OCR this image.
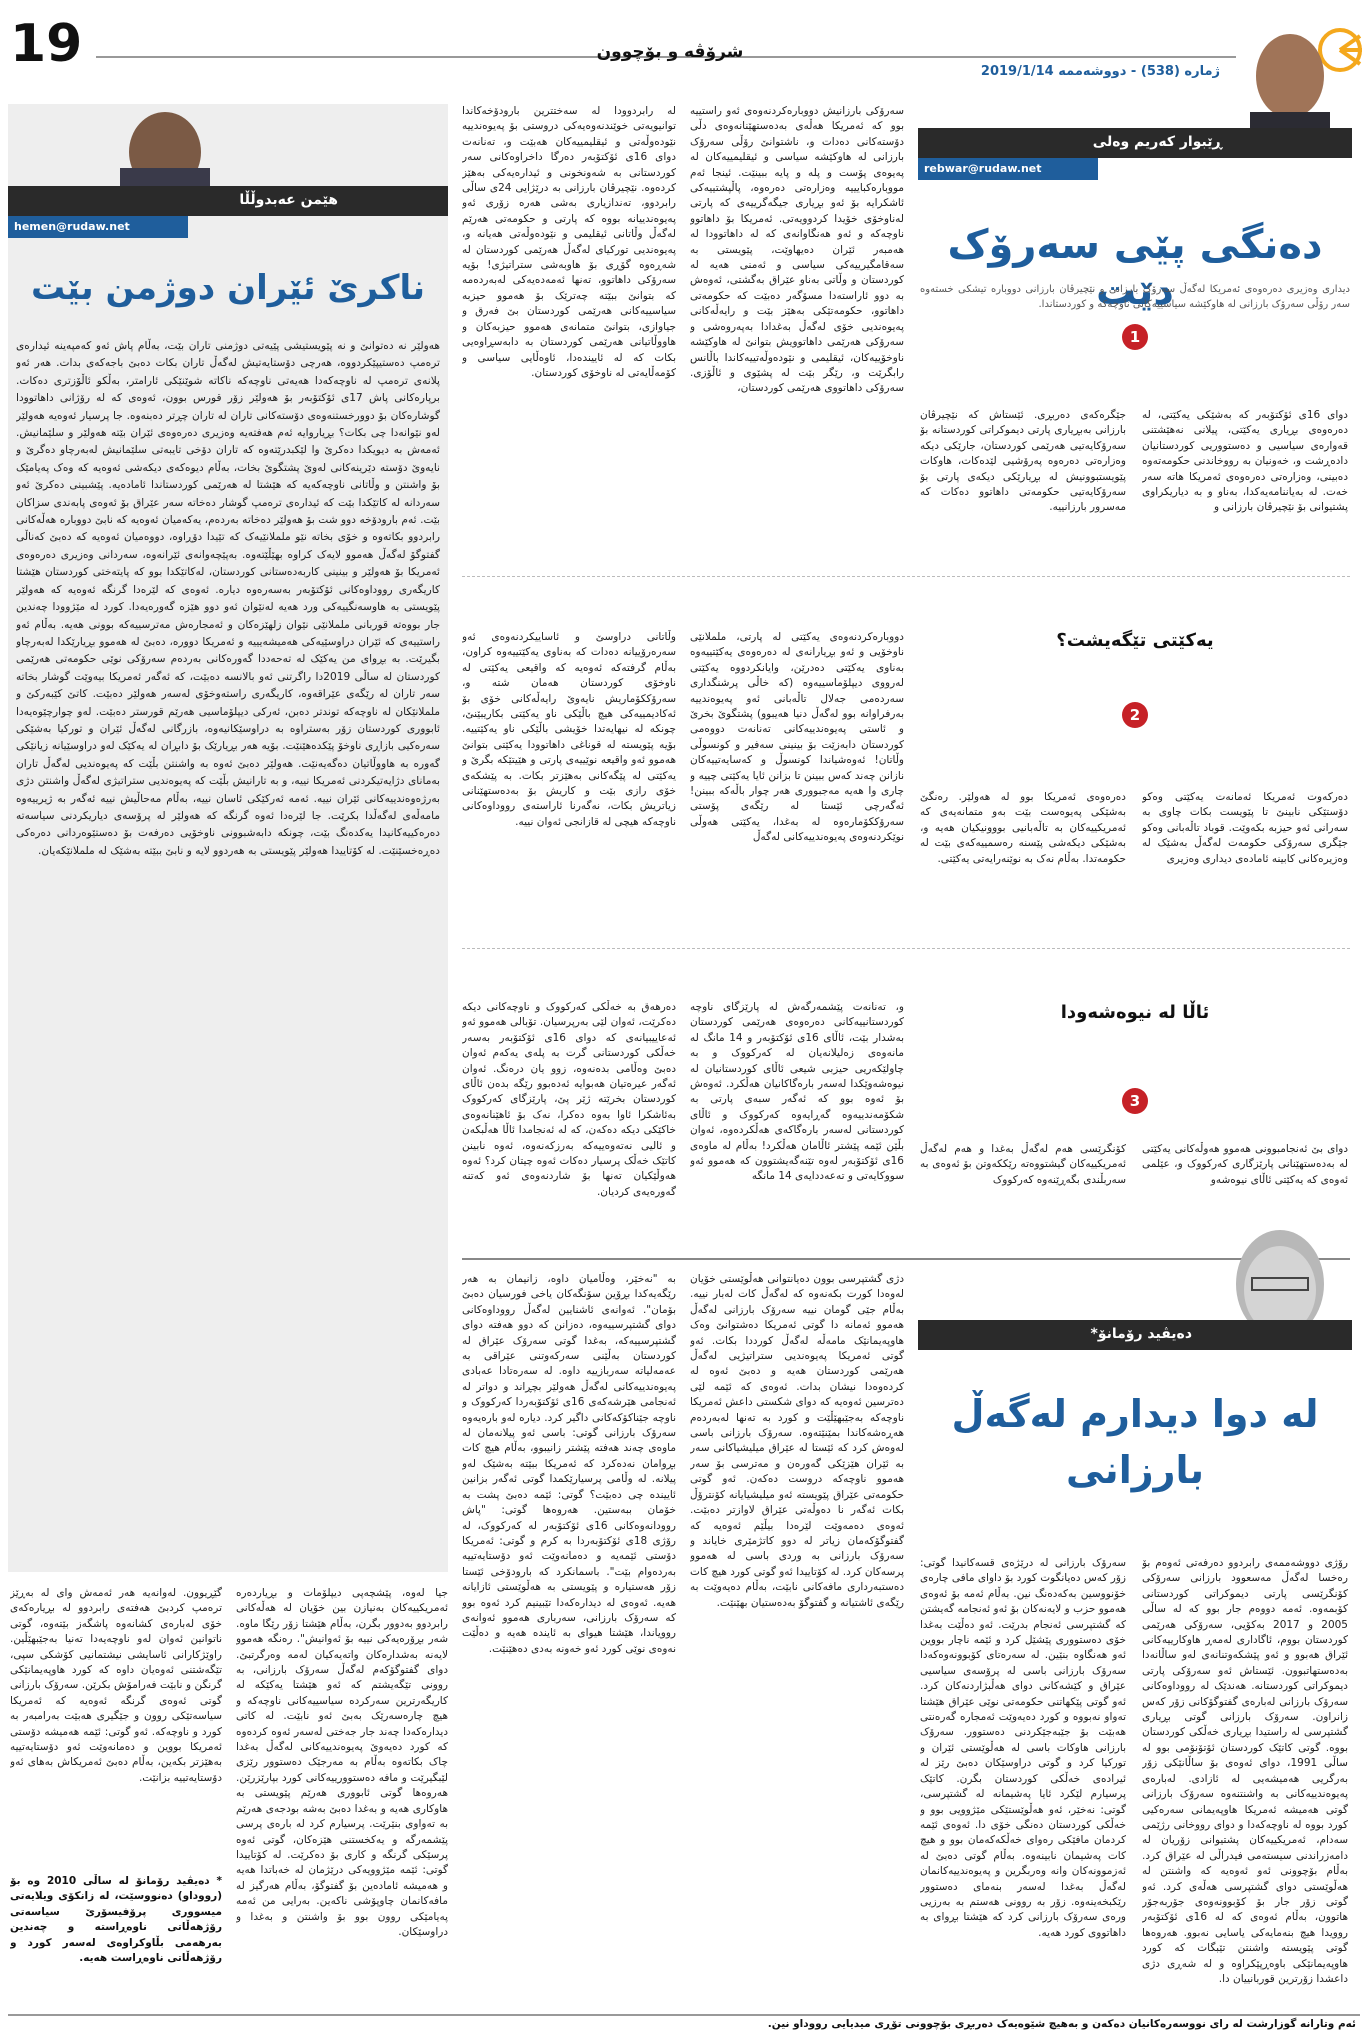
19	شرۆڤە و بۆچوون
ژمارە (538) - دووشەممە 2019/1/14
هێمن عەبدوڵڵا
hemen@rudaw.net
ناکرێ ئێران دوژمن بێت
هەولێر نە دەتوانێ و نە پێویستیشی پێیەتی دوژمنی تاران بێت، بەڵام پاش ئەو کەمپەینە ئیدارەی ترەمپ دەستیپێکردووە، هەرچی دۆستایەتیش لەگەڵ تاران بکات دەبێ باجەکەی بدات. هەر ئەو پلانەی ترەمپ لە ناوچەکەدا هەیەتی ناوچەکە ناکاتە شوێنێکی ئارامتر، بەڵکو ئاڵۆزتری دەکات. برپارەکانی پاش 17ی ئۆکتۆبەر بۆ هەولێر زۆر قورس بوون، ئەوەی کە لە رۆژانی داهاتوودا گوشارەکان بۆ دوورخستنەوەی دۆستەکانی تاران لە تاران چڕتر دەبنەوە. جا پرسیار ئەوەیە هەولێر لەو نێوانەدا چی بکات؟ بڕیاروایە ئەم هەفتەیە وەزیری دەرەوەی ئێران بێتە هەولێر و سلێمانیش. ئەمەش بە دیویکدا دەکرێ وا لێکبدرێتەوە کە تاران دۆخی تایبەتی سلێمانیش لەبەرچاو دەگرێ و نایەوێ دۆستە دێرینەکانی لەوێ پشتگوێ بخات، بەڵام دیوەکەی دیکەشی ئەوەیە کە وەک پەیامێک بۆ واشنتن و وڵاتانی ناوچەکەیە کە هێشتا لە هەرێمی کوردستاندا ئامادەیە. پێشبینی دەکرێ ئەو سەردانە لە کاتێکدا بێت کە ئیدارەی ترەمپ گوشار دەخاتە سەر عێراق بۆ ئەوەی پابەندی سزاکان بێت. ئەم بارودۆخە دوو شت بۆ هەولێر دەخاتە بەردەم، یەکەمیان ئەوەیە کە نابێ دووبارە هەڵەکانی رابردوو بکاتەوە و خۆی بخاتە نێو ململانێیەک کە تێیدا دۆڕاوە، دووەمیان ئەوەیە کە دەبێ کەناڵی گفتوگۆ لەگەڵ هەموو لایەک کراوە بهێڵێتەوە. بەپێچەوانەی ئێرانەوە، سەردانی وەزیری دەرەوەی ئەمریکا بۆ هەولێر و بینینی کاربەدەستانی کوردستان، لەکاتێکدا بوو کە پایتەختی کوردستان هێشتا کاریگەری رووداوەکانی ئۆکتۆبەر بەسەرەوە دیارە. ئەوەی کە لێرەدا گرنگە ئەوەیە کە هەولێر پێویستی بە هاوسەنگییەکی ورد هەیە لەنێوان ئەو دوو هێزە گەورەیەدا. کورد لە مێژوودا چەندین جار بووەتە قوربانی ململانێی نێوان زلهێزەکان و ئەمجارەش مەترسییەکە بوونی هەیە. بەڵام ئەو راستییەی کە ئێران دراوسێیەکی هەمیشەیییە و ئەمریکا دوورە، دەبێ لە هەموو بڕیارێکدا لەبەرچاو بگیرێت. بە بڕوای من یەکێک لە تەحەددا گەورەکانی بەردەم سەرۆکی نوێی حکومەتی هەرێمی کوردستان لە ساڵی 2019دا راگرتنی ئەو بالانسە دەبێت، کە ئەگەر ئەمریکا بیەوێت گوشار بخاتە سەر تاران لە رێگەی عێراقەوە، کاریگەری راستەوخۆی لەسەر هەولێر دەبێت. کاتێ کێبەرکێ و ململانێکان لە ناوچەکە توندتر دەبن، ئەرکی دیپلۆماسیی هەرێم قورستر دەبێت. لەو چوارچێوەیەدا ئابووری کوردستان زۆر بەستراوە بە دراوسێکانیەوە، بازرگانی لەگەڵ ئێران و تورکیا بەشێکی سەرەکیی بازاڕی ناوخۆ پێکدەهێنێت. بۆیە هەر بڕیارێک بۆ دابڕان لە یەکێک لەو دراوسێیانە زیانێکی گەورە بە هاووڵاتیان دەگەیەنێت. هەولێر دەبێ ئەوە بە واشنتن بڵێت کە پەیوەندیی لەگەڵ تاران بەمانای دژایەتیکردنی ئەمریکا نییە، و بە تارانیش بڵێت کە پەیوەندیی ستراتیژی لەگەڵ واشنتن دژی بەرژەوەندییەکانی ئێران نییە. ئەمە ئەرکێکی ئاسان نییە، بەڵام مەحاڵیش نییە ئەگەر بە ژیرییەوە مامەڵەی لەگەڵدا بکرێت. جا لێرەدا ئەوە گرنگە کە هەولێر لە پرۆسەی دیاریکردنی سیاسەتە دەرەکییەکانیدا یەکدەنگ بێت، چونکە دابەشبوونی ناوخۆیی دەرفەت بۆ دەستێوەردانی دەرەکی دەڕەخسێنێت. لە کۆتاییدا هەولێر پێویستی بە هەردوو لایە و نابێ ببێتە بەشێک لە ململانێکەیان.
ڕێبوار کەریم وەلی
rebwar@rudaw.net
دەنگی پێی سەرۆک دێت
دیداری وەزیری دەرەوەی ئەمریکا لەگەڵ سەرۆک بارزانی و نێچیرڤان بارزانی دووبارە تیشکی خستەوە سەر رۆڵی سەرۆک بارزانی لە هاوکێشە سیاسییەکانی ناوچەکە و کوردستاندا.
1
دوای 16ی ئۆکتۆبەر کە بەشێکی یەکێتی، لە دەرەوەی بڕیاری یەکێتی، پیلانی نەهێشتنی قەوارەی سیاسیی و دەستووریی کوردستانیان دادەڕشت و، خەونیان بە رووخاندنی حکومەتەوە دەبینی، وەزارەتی دەرەوەی ئەمریکا هاتە سەر خەت. لە بەیاننامەیەکدا، بەناو و بە دیاریکراوی پشتیوانی بۆ نێچیرڤان بارزانی و
جێگرەکەی دەربڕی. ئێستاش کە نێچیرڤان بارزانی بەبڕیاری پارتی دیموکراتی کوردستانە بۆ سەرۆکایەتیی هەرێمی کوردستان، جارێکی دیکە وەزارەتی دەرەوە پەرۆشیی لێدەکات، هاوکات پێویستبوونیش لە بڕیارێکی دیکەی پارتی بۆ سەرۆکایەتیی حکومەتی داهاتوو دەکات کە مەسرور بارزانییە.
سەرۆکی بارزانیش دووبارەکردنەوەی ئەو راستییە بوو کە ئەمریکا هەڵەی بەدەستهێنانەوەی دڵی دۆستەکانی دەدات و، ناشتوانێ رۆڵی سەرۆک بارزانی لە هاوکێشە سیاسی و ئیقلیمییەکان لە پەیوەی پۆست و پلە و پایە ببینێت. ئینجا ئەم مووبارەکبایییە وەزارەتی دەرەوە، پاڵپشتییەکی ئاشکرایە بۆ ئەو بڕیاری جیگەگرییەی کە پارتی لەناوخۆی خۆیدا کردوویەتی. ئەمریکا بۆ داهاتوو ناوچەکە و ئەو هەنگاوانەی کە لە داهاتوودا لە هەمبەر ئێران دەیهاوێت، پێویستی بە سەقامگیرییەکی سیاسی و ئەمنی هەیە لە کوردستان و وڵاتی بەناو عێراق بەگشتی، ئەوەش بە دوو ئاراستەدا مسۆگەر دەبێت کە حکومەتی داهاتوو، حکومەتێکی بەهێز بێت و رایەڵەکانی پەیوەندیی خۆی لەگەڵ بەغدادا بەپەروەشی و سەرۆکی هەرێمی داهاتوویش بتوانێ لە هاوکێشە ناوخۆییەکان، ئیقلیمی و نێودەوڵەتییەکاندا باڵانس رابگرێت و، رێگر بێت لە پشێوی و ئاڵۆزی. سەرۆکی داهاتووی هەرێمی کوردستان،
لە رابردوودا لە سەختترین بارودۆخەکاندا توانیویەتی خوێندنەوەیەکی دروستی بۆ پەیوەندییە نێودەوڵەتی و ئیقلیمییەکان هەبێت و، تەنانەت دوای 16ی ئۆکتۆبەر دەرگا داخراوەکانی سەر کوردستانی بە شەونخونی و ئیدارەیەکی بەهێز کردەوە. نێچیرڤان بارزانی بە درێژایی 24ی ساڵی رابردوو، تەندازیاری بەشی هەرە زۆری ئەو پەیوەندییانە بووە کە پارتی و حکومەتی هەرێم لەگەڵ وڵاتانی ئیقلیمی و نێودەوڵەتی هەیانە و، پەیوەندیی تورکیای لەگەڵ هەرێمی کوردستان لە شەڕەوە گۆڕی بۆ هاوبەشی ستراتیژی! بۆیە سەرۆکی داهاتوو، تەنها ئەمەدەیەکی لەبەردەمە کە بتوانێ ببێتە چەترێک بۆ هەموو حیزبە سیاسییەکانی هەرێمی کوردستان بێ فەرق و جیاوازی، بتوانێ متمانەی هەموو حیزبەکان و هاووڵاتیانی هەرێمی کوردستان بە دابەسڕاوەیی بکات کە لە ئاییندەدا، ئاوەڵایی سیاسی و کۆمەڵایەتی لە ناوخۆی کوردستان.
یەکێتی تێگەیشت؟
2
دەرکەوت ئەمریکا ئەمانەت یەکێتی وەکو دۆستێکی نابینێ تا پێویست بکات چاوی بە سەرانی ئەو حیزبە بکەوێت. قوباد تاڵەبانی وەکو جێگری سەرۆکی حکومەت لەگەڵ بەشێک لە وەزیرەکانی کابینە ئامادەی دیداری وەزیری
دەرەوەی ئەمریکا بوو لە هەولێر. رەنگێ بەشێکی پەیوەست بێت بەو متمانەیەی کە ئەمریکییەکان بە تاڵەبانیی بووونیکیان هەیە و، بەشێکی دیکەشی پێسنە رەسمییەکەی بێت لە حکومەتدا. بەڵام نەک بە نوێنەرایەتی یەکێتی.
دووبارەکردنەوەی یەکێتی لە پارتی، ململانێی ناوخۆیی و ئەو بڕیارانەی لە دەرەوەی یەکێتییەوە بەناوی یەکێتی دەدرێن، وایانکردووە یەکێتی لەرووی دیپلۆماسییەوە (کە خاڵی پرشنگداری سەردەمی جەلال تاڵەبانی ئەو پەیوەندییە بەرفراوانە بوو لەگەڵ دنیا هەیبوو) پشتگوێ بخرێ و ئاستی پەیوەندییەکانی تەنانەت دووەمی کوردستان دابەزێت بۆ بینینی سەفیر و کونسوڵی وڵاتان! ئەوەشیاندا کونسوڵ و کەسایەتییەکان نازانن چەند کەس ببینن تا بزانن ئایا یەکێتی چییە و چاری وا هەیە مەجبووری هەر چوار باڵەکە ببینن! ئەگەرچی ئێستا لە رێگەی پۆستی سەرۆککۆمارەوە لە بەغدا، یەکێتی هەوڵی نوێکردنەوەی پەیوەندییەکانی لەگەڵ
وڵاتانی دراوسێ و ئاساییکردنەوەی ئەو سەرەرۆییانە دەدات کە بەناوی یەکێتییەوە کراون، بەڵام گرفتەکە ئەوەیە کە واقیعی یەکێتی لە ناوخۆی کوردستان هەمان شتە و، سەرۆککۆماریش نایەوێ رایەڵەکانی خۆی بۆ ئەکادیمییەکی هیچ باڵێکی ناو یەکێتی بکاریبێنێ، چونکە لە نیهایەتدا خۆیشی باڵێکی ناو یەکێتییە. بۆیە پێویستە لە قوناغی داهاتوودا یەکێتی بتوانێ هەموو ئەو واقیعە نوێییەی پارتی و هێیتێکە بگرێ و یەکێتی لە پێگەکانی بەهێزتر بکات. بە پێشکەی خۆی رازی بێت و کاریش بۆ بەدەستهێنانی زیاتریش بکات، نەگەرنا ئاراستەی رووداوەکانی ناوچەکە هیچی لە قازانجی ئەوان نییە.
ئاڵا لە نیوەشەودا
3
دوای بێ ئەنجامبوونی هەموو هەوڵەکانی یەکێتی لە بەدەستهێنانی پارێزگاری کەرکووک و، عێلمی ئەوەی کە یەکێتی ئاڵای نیوەشەو
کۆنگرێسی هەم لەگەڵ بەغدا و هەم لەگەڵ ئەمریکییەکان گیشتووەتە رێککەوتن بۆ ئەوەی بە سەربڵندی بگەڕێنەوە کەرکووک
و، تەنانەت پێشمەرگەش لە پارێزگای ناوچە کوردستانییەکانی دەرەوەی هەرێمی کوردستان بەشدار بێت، ئاڵای 16ی ئۆکتۆبەر و 14 مانگ لە مانەوەی زەلیلانەیان لە کەرکووک و بە چاولێکەریی حیزبی شیعی ئاڵای کوردستانیان لە نیوەشەوێکدا لەسەر بارەگاکانیان هەڵکرد. ئەوەش بۆ ئەوە بوو کە ئەگەر سبەی پارتی بە شکۆمەندییەوە گەڕایەوە کەرکووک و ئاڵای کوردستانی لەسەر بارەگاکەی هەڵکردەوە، ئەوان بڵێن ئێمە پێشتر ئاڵامان هەڵکرد! بەڵام لە ماوەی 16ی ئۆکتۆبەر لەوە تێنەگەیشتوون کە هەموو ئەو سووکایەتی و تەعەددایەی 14 مانگە
دەرهەق بە خەڵکی کەرکووک و ناوچەکانی دیکە دەکرێت، ئەوان لێی بەرپرسیان. تۆبالی هەموو ئەو ئەعاییبیانەی کە دوای 16ی ئۆکتۆبەر بەسەر خەڵکی کوردستانی گرت بە پلەی یەکەم ئەوان دەبێ وەڵامی بدەنەوە، زوو یان درەنگ. ئەوان ئەگەر عیرەتیان هەبوایە ئەدەبوو رێگە بدەن ئاڵای کوردستان بخرێتە ژێر پێ، پارێزگای کەرکووک بەئاشکرا ئاوا بەوە دەکرا، نەک بۆ ئاهێنانەوەی خاکێکی دیکە دەکەن، کە لە ئەنجامدا ئاڵا هەڵبکەن و ئالیی نەتەوەییەکە بەرزکەنەوە، ئەوە نابینن کاتێک خەڵک پرسیار دەکات ئەوە چیتان کرد؟ ئەوە هەوڵێکیان تەنها بۆ شاردنەوەی ئەو کەتنە گەورەیەی کردیان.
دەیڤید رۆمانۆ*
لە دوا دیدارم لەگەڵ بارزانی
رۆژی دووشەممەی رابردوو دەرفەتی ئەوەم بۆ رەخسا لەگەڵ مەسعوود بارزانی سەرۆکی کۆنگرێسی پارتی دیموکراتی کوردستانی کۆبمەوە. ئەمە دووەم جار بوو کە لە ساڵی 2005 و 2017 بەکۆیی، سەرۆکی هەرێمی کوردستان بووم، ئاگاداری لەمەڕ هاوکارییەکانی ئێراق هەبوو و ئەو پێشکەوتنانەی لەو ساڵانەدا بەدەستهاتبوون. ئێستاش ئەو سەرۆکی پارتی دیموکراتی کوردستانە. هەندێک لە رووداوەکانی سەرۆک بارزانی لەبارەی گفتوگۆکانی زۆر کەس زانراون. سەرۆک بارزانی گوتی بڕیاری گشتپرسی لە راستیدا بڕیاری خەڵکی کوردستان بووە. گوتی کاتێک کوردستان ئۆتۆنۆمی بوو لە ساڵی 1991، دوای ئەوەی بۆ ساڵانێکی زۆر بەرگریی هەمیشەیی لە ئازادی. لەبارەی پەیوەندییەکانی بە واشنتنەوە سەرۆک بارزانی گوتی هەمیشە ئەمریکا هاوپەیمانی سەرەکیی کورد بووە لە ناوچەکەدا و دوای رووخانی رژێمی سەدام، ئەمریکییەکان پشتیوانی زۆریان لە دامەزراندنی سیستەمی فیدراڵی لە عێراق کرد. بەڵام بۆچوونی ئەو ئەوەیە کە واشنتن لە هەڵوێستی دوای گشتپرسی هەڵەی کرد. ئەو گوتی زۆر جار بۆ کۆبوونەوەی جۆربەجۆر هاتوون، بەڵام ئەوەی کە لە 16ی ئۆکتۆبەر روویدا هیچ بنەمایەکی یاسایی نەبوو. هەروەها گوتی پێویستە واشنتن تێبگات کە کورد هاوپەیمانێکی باوەڕپێکراوە و لە شەڕی دژی داعشدا زۆرترین قوربانییان دا.
سەرۆک بارزانی لە درێژەی قسەکانیدا گوتی: زۆر کەس دەیانگوت کورد بۆ داوای مافی چارەی خۆنووسین بەکەدەنگ نین. بەڵام ئەمە بۆ ئەوەی هەموو حزب و لایەنەکان بۆ ئەو ئەنجامە گەیشتن کە گشتپرسی ئەنجام بدرێت. ئەو دەڵێت بەغدا خۆی دەستووری پێشێل کرد و ئێمە ناچار بووین ئەو هەنگاوە بنێین. لە سەرەتای کۆبوونەوەکەدا سەرۆک بارزانی باسی لە پرۆسەی سیاسیی عێراق و کێشەکانی دوای هەڵبژاردنەکان کرد. ئەو گوتی پێکهاتنی حکومەتی نوێی عێراق هێشتا تەواو نەبووە و کورد دەیەوێت ئەمجارە گەرەنتی هەبێت بۆ جێبەجێکردنی دەستوور. سەرۆک بارزانی هاوکات باسی لە هەڵوێستی ئێران و تورکیا کرد و گوتی دراوسێکان دەبێ رێز لە ئیرادەی خەڵکی کوردستان بگرن. کاتێک پرسیارم لێکرد ئایا پەشیمانە لە گشتپرسی، گوتی: نەخێر، ئەو هەڵوێستێکی مێژوویی بوو و خەڵکی کوردستان دەنگی خۆی دا. ئەوەی ئێمە کردمان مافێکی رەوای خەڵکەکەمان بوو و هیچ کات پەشیمان نابینەوە. بەڵام گوتی دەبێ لە ئەزموونەکان وانە وەربگرین و پەیوەندییەکانمان لەگەڵ بەغدا لەسەر بنەمای دەستوور رێکبخەینەوە. زۆر بە روونی هەستم بە بەرزیی ورەی سەرۆک بارزانی کرد کە هێشتا بڕوای بە داهاتووی کورد هەیە.
دژی گشتپرسی بوون دەیانتوانی هەڵوێستی خۆیان لەوەدا کورت بکەنەوە کە لەگەڵ کات لەبار نییە. بەڵام جێی گومان نییە سەرۆک بارزانی لەگەڵ هەموو ئەمانە دا گوتی ئەمریکا دەشتوانێ وەک هاوپەیمانێک مامەڵە لەگەڵ کورددا بکات. ئەو گوتی ئەمریکا پەیوەندیی ستراتیژیی لەگەڵ هەرێمی کوردستان هەیە و دەبێ ئەوە لە کردەوەدا نیشان بدات. ئەوەی کە ئێمە لێی دەترسین ئەوەیە کە دوای شکستی داعش ئەمریکا ناوچەکە بەجێبهێڵێت و کورد بە تەنها لەبەردەم هەڕەشەکاندا بمێنێتەوە. سەرۆک بارزانی باسی لەوەش کرد کە ئێستا لە عێراق میلیشیاکانی سەر بە ئێران هێزێکی گەورەن و مەترسی بۆ سەر هەموو ناوچەکە دروست دەکەن. ئەو گوتی حکومەتی عێراق پێویستە ئەو میلیشیایانە کۆنترۆڵ بکات ئەگەر نا دەوڵەتی عێراق لاوازتر دەبێت. ئەوەی دەمەوێت لێرەدا بیڵێم ئەوەیە کە گفتوگۆکەمان زیاتر لە دوو کاتژمێری خایاند و سەرۆک بارزانی بە وردی باسی لە هەموو پرسەکان کرد. لە کۆتاییدا ئەو گوتی کورد هیچ کات دەستبەرداری مافەکانی نابێت، بەڵام دەیەوێت بە رێگەی ئاشتیانە و گفتوگۆ بەدەستیان بهێنێت.
بە "نەخێر، وەڵامیان داوە، زانیمان بە هەر رێگەیەکدا بڕۆین سۆنگەکان یاخی فورسیان دەبێ بۆمان". ئەوانەی ئاشنایین لەگەڵ رووداوەکانی دوای گشتپرسییەوە، دەزانن کە دوو هەفتە دوای گشتپرسییەکە، بەغدا گوتی سەرۆک عێراق لە کوردستان بەڵێنی سەرکەوتنی عێراقی بە عەمەلیاتە سەربازییە داوە. لە سەرەتادا عەبادی پەیوەندییەکانی لەگەڵ هەولێر بچڕاند و دواتر لە ئەنجامی هێرشەکەی 16ی ئۆکتۆبەردا کەرکووک و ناوچە جێناکۆکەکانی داگیر کرد. دیارە لەو بارەیەوە سەرۆک بارزانی گوتی: باسی ئەو پیلانەمان لە ماوەی چەند هەفتە پێشتر زانیبوو، بەڵام هیچ کات بڕوامان نەدەکرد کە ئەمریکا ببێتە بەشێک لەو پیلانە. لە وڵامی پرسیارێکمدا گوتی ئەگەر بزانین ئاییندە چی دەبێت؟ گوتی: ئێمە دەبێ پشت بە خۆمان ببەستین. هەروەها گوتی: "پاش روودانەوەکانی 16ی ئۆکتۆبەر لە کەرکووک، لە رۆژی 18ی ئۆکتۆبەردا بە کرم و گوتی: ئەمریکا دۆستی ئێمەیە و دەمانەوێت ئەو دۆستایەتییە بەردەوام بێت". باسمانکرد کە بارودۆخی ئێستا زۆر هەستیارە و پێویستی بە هەڵوێستی ئازایانە هەیە. ئەوەی لە دیدارەکەدا تێبینیم کرد ئەوە بوو کە سەرۆک بارزانی، سەرباری هەموو ئەوانەی روویاندا، هێشتا هیوای بە ئایندە هەیە و دەڵێت نەوەی نوێی کورد ئەو خەونە بەدی دەهێنێت.
جیا لەوە، پێشچەپی دیپلۆمات و بڕیاردەرە ئەمریکییەکان بەنیازن بین خۆیان لە هەڵەکانی رابردوو بەدوور بگرن، بەڵام هێشتا زۆر رێگا ماوە. شەر بڕۆرەیەکی نییە بۆ ئەوانیش". رەنگە هەموو لایەنە بەشدارەکان واتەیەکیان لەمە وەرگرتبێ. دوای گفتوگۆکەم لەگەڵ سەرۆک بارزانی، بە روونی تێگەیشتم کە ئەو هێشتا یەکێکە لە کاریگەرترین سەرکردە سیاسییەکانی ناوچەکە و هیچ چارەسەرێک بەبێ ئەو نابێت. لە کاتی دیدارەکەدا چەند جار جەختی لەسەر ئەوە کردەوە کە کورد دەیەوێ پەیوەندییەکانی لەگەڵ بەغدا چاک بکاتەوە بەڵام بە مەرجێک دەستوور رێزی لێبگیرێت و مافە دەستوورییەکانی کورد بپارێزرێن. هەروەها گوتی ئابووری هەرێم پێویستی بە هاوکاری هەیە و بەغدا دەبێ بەشە بودجەی هەرێم بە تەواوی بنێرێت. پرسیارم کرد لە بارەی پرسی پێشمەرگە و یەکخستنی هێزەکان، گوتی ئەوە پرسێکی گرنگە و کاری بۆ دەکرێت. لە کۆتاییدا گوتی: ئێمە مێژوویەکی درێژمان لە خەباتدا هەیە و هەمیشە ئامادەین بۆ گفتوگۆ، بەڵام هەرگیز لە مافەکانمان چاوپۆشی ناکەین. بەرایی من ئەمە پەیامێکی روون بوو بۆ واشنتن و بەغدا و دراوسێکان.
گێڕیوون. لەوانەیە هەر ئەمەش وای لە بەڕێز ترەمپ کردبێ هەفتەی رابردوو لە بڕیارەکەی خۆی لەبارەی کشانەوە پاشگەز بێتەوە، گوتی ناتوانین ئەوان لەو ناوچەیەدا تەنیا بەجێبهێڵین. راوێژکارانی ئاسایشی نیشتمانیی کۆشکی سپی، تێگەشتنی ئەوەیان داوە کە کورد هاوپەیمانێکی گرنگن و نابێت فەرامۆش بکرێن. سەرۆک بارزانی گوتی ئەوەی گرنگە ئەوەیە کە ئەمریکا سیاسەتێکی روون و جێگیری هەبێت بەرامبەر بە کورد و ناوچەکە. ئەو گوتی: ئێمە هەمیشە دۆستی ئەمریکا بووین و دەمانەوێت ئەو دۆستایەتییە بەهێزتر بکەین، بەڵام دەبێ ئەمریکاش بەهای ئەو دۆستایەتییە بزانێت.
* دەیڤید رۆمانۆ لە ساڵی 2010 وە بۆ (رووداو) دەنووسێت، لە زانکۆی ویلایەتی میسووری پرۆفیسۆرێ سیاسەتی رۆژهەڵاتی ناوەڕاستە و چەندین بەرهەمی بڵاوکراوەی لەسەر کورد و رۆژهەڵاتی ناوەڕاست هەیە.
ئەم وتارانە گوزارشت لە رای نووسەرەکانیان دەکەن و بەهیچ شێوەیەک دەربڕی بۆچوونی تۆڕی میدیایی رووداو نین.
